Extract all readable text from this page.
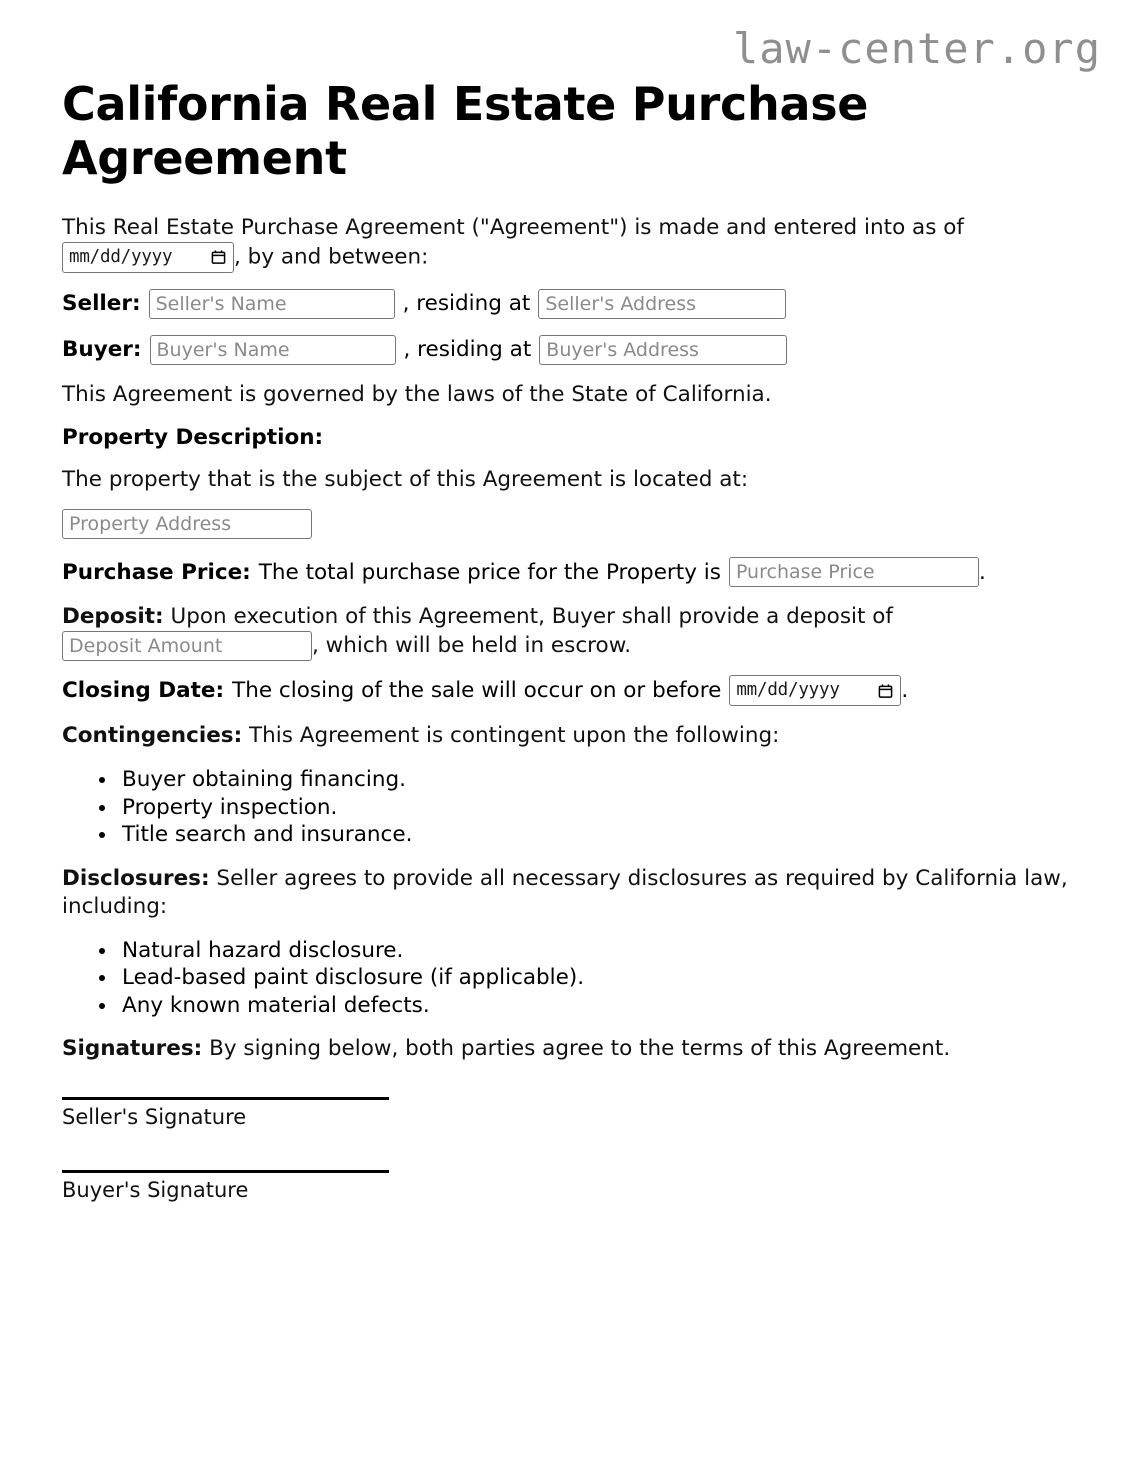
law-center.org
California Real Estate Purchase Agreement

This Real Estate Purchase Agreement ("Agreement") is made and entered into as of

mm/dd/yyyy	, by and between:

Seller:
Seller's Name	, residing at
Seller's Address
Buyer:
Buyer's Name	, residing at
Buyer's Address

This Agreement is governed by the laws of the State of California.

Property Description:

The property that is the subject of this Agreement is located at:

Property Address
Purchase Price: The total purchase price for the Property is
Purchase Price	.

Deposit: Upon execution of this Agreement, Buyer shall provide a deposit of
Deposit Amount, which will be held in escrow.

Closing Date: The closing of the sale will occur on or before mm/dd/yyyy	.

Contingencies: This Agreement is contingent upon the following:

• Buyer obtaining financing.
• Property inspection.
• Title search and insurance.

Disclosures: Seller agrees to provide all necessary disclosures as required by California law, including:

• Natural hazard disclosure.
• Lead-based paint disclosure (if applicable).
• Any known material defects.

Signatures: By signing below, both parties agree to the terms of this Agreement.

Seller's Signature
Buyer's Signature
